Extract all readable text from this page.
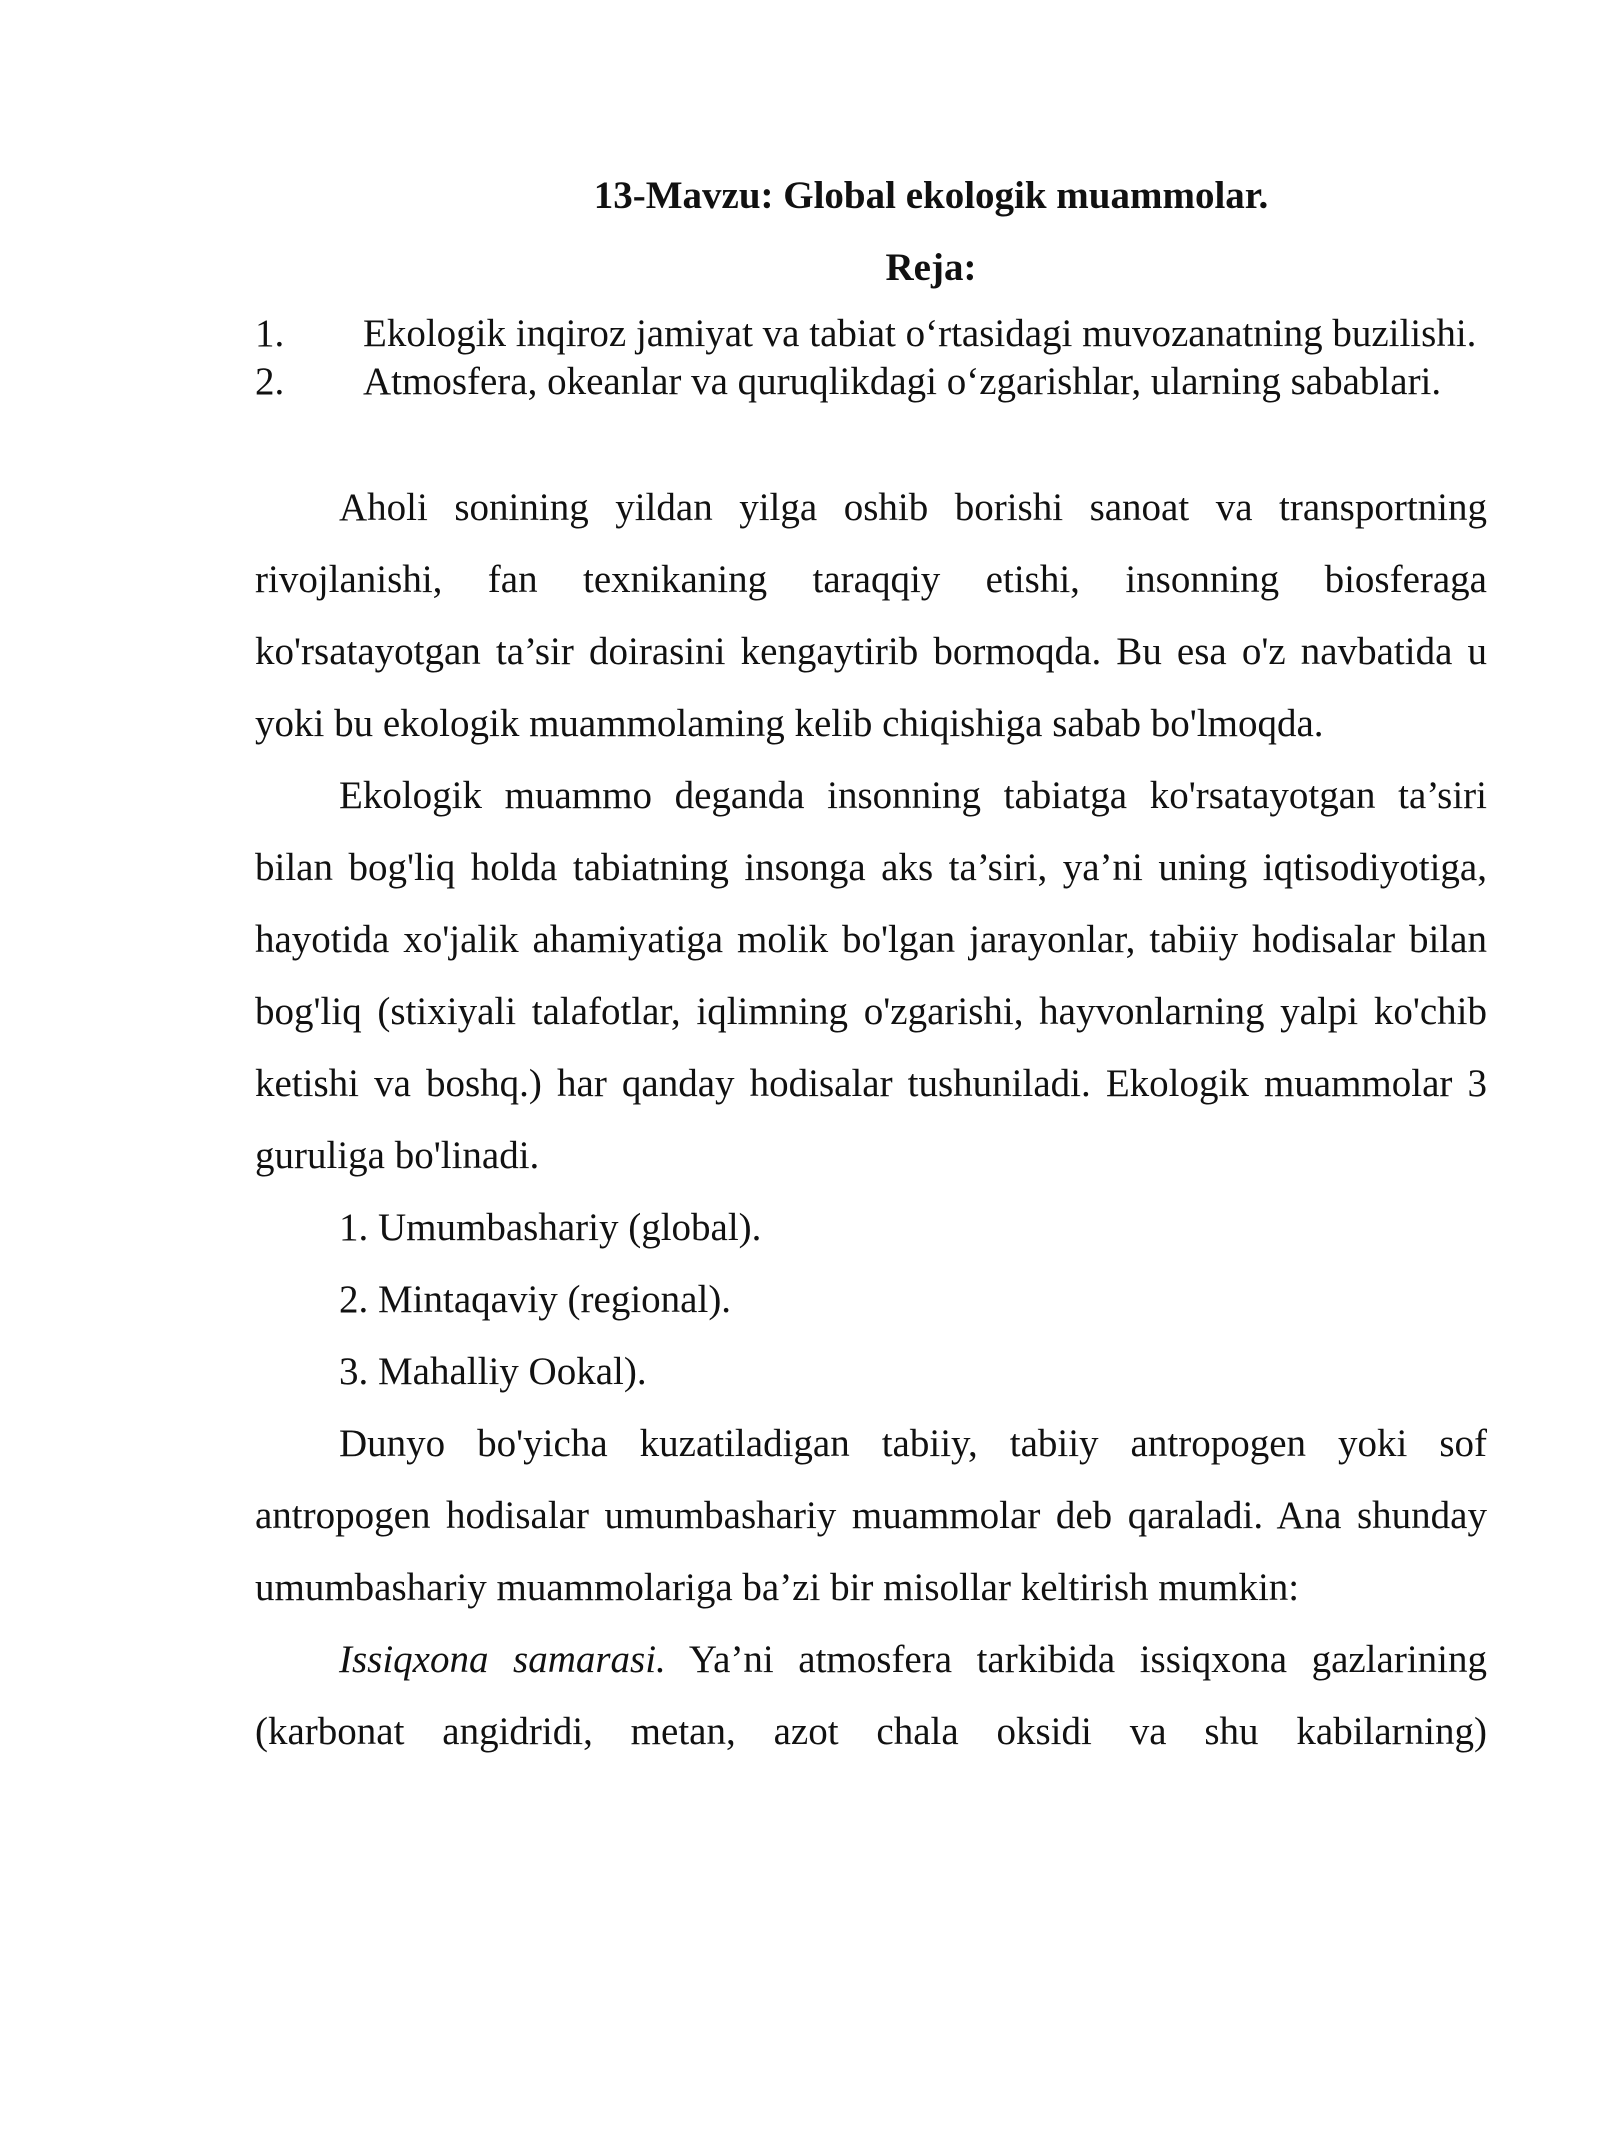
13-Mavzu: Global ekologik muammolar.
Reja:
1. Ekologik inqiroz jamiyat va tabiat o‘rtasidagi muvozanatning buzilishi.
2. Atmosfera, okeanlar va quruqlikdagi o‘zgarishlar, ularning sabablari.

Aholi sonining yildan yilga oshib borishi sanoat va transportning rivojlanishi, fan texnikaning taraqqiy etishi, insonning biosferaga ko'rsatayotgan ta’sir doirasini kengaytirib bormoqda. Bu esa o'z navbatida u yoki bu ekologik muammolaming kelib chiqishiga sabab bo'lmoqda.

Ekologik muammo deganda insonning tabiatga ko'rsatayotgan ta’siri bilan bog'liq holda tabiatning insonga aks ta’siri, ya’ni uning iqtisodiyotiga, hayotida xo'jalik ahamiyatiga molik bo'lgan jarayonlar, tabiiy hodisalar bilan bog'liq (stixiyali talafotlar, iqlimning o'zgarishi, hayvonlarning yalpi ko'chib ketishi va boshq.) har qanday hodisalar tushuniladi. Ekologik muammolar 3 guruliga bo'linadi.

1. Umumbashariy (global).

2. Mintaqaviy (regional).

3. Mahalliy Ookal).

Dunyo bo'yicha kuzatiladigan tabiiy, tabiiy antropogen yoki sof antropogen hodisalar umumbashariy muammolar deb qaraladi. Ana shunday umumbashariy muammolariga ba’zi bir misollar keltirish mumkin:

Issiqxona samarasi. Ya’ni atmosfera tarkibida issiqxona gazlarining (karbonat angidridi, metan, azot chala oksidi va shu kabilarning)
